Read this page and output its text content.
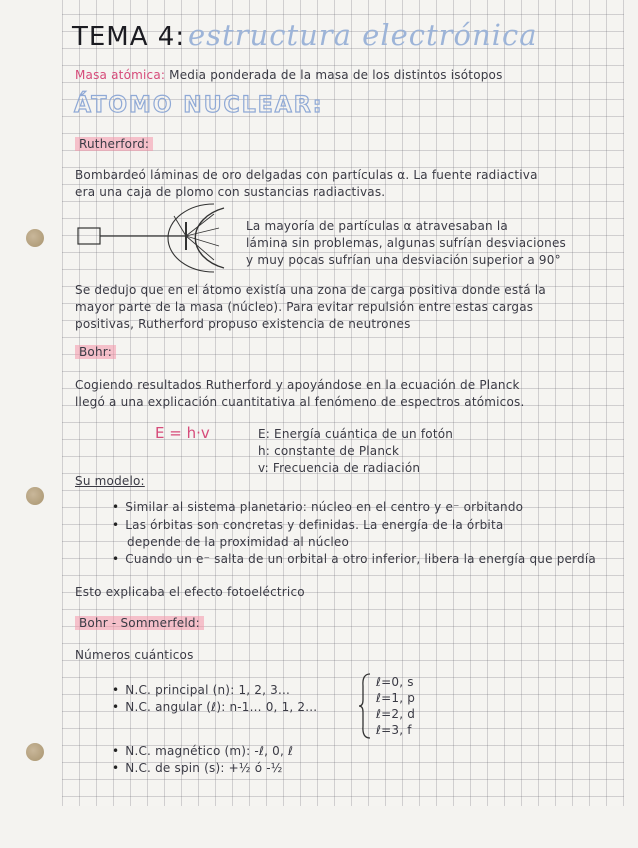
TEMA 4: estructura electrónica
Masa atómica: Media ponderada de la masa de los distintos isótopos
ÁTOMO NUCLEAR:
Rutherford:
Bombardeó láminas de oro delgadas con partículas α. La fuente radiactiva
era una caja de plomo con sustancias radiactivas.
La mayoría de partículas α atravesaban la
lámina sin problemas, algunas sufrían desviaciones
y muy pocas sufrían una desviación superior a 90°
Se dedujo que en el átomo existía una zona de carga positiva donde está la
mayor parte de la masa (núcleo). Para evitar repulsión entre estas cargas
positivas, Rutherford propuso existencia de neutrones
Bohr:
Cogiendo resultados Rutherford y apoyándose en la ecuación de Planck
llegó a una explicación cuantitativa al fenómeno de espectros atómicos.
E = h·v	E: Energía cuántica de un fotón
h: constante de Planck
v: Frecuencia de radiación
Su modelo:
• Similar al sistema planetario: núcleo en el centro y e⁻ orbitando
• Las órbitas son concretas y definidas. La energía de la órbita
depende de la proximidad al núcleo
• Cuando un e⁻ salta de un orbital a otro inferior, libera la energía que perdía
Esto explicaba el efecto fotoeléctrico
Bohr - Sommerfeld:
Números cuánticos
• N.C. principal (n): 1, 2, 3...
• N.C. angular (ℓ): n-1... 0, 1, 2...
ℓ=0, s
ℓ=1, p
ℓ=2, d
ℓ=3, f
• N.C. magnético (m): -ℓ, 0, ℓ
• N.C. de spin (s): +½ ó -½
